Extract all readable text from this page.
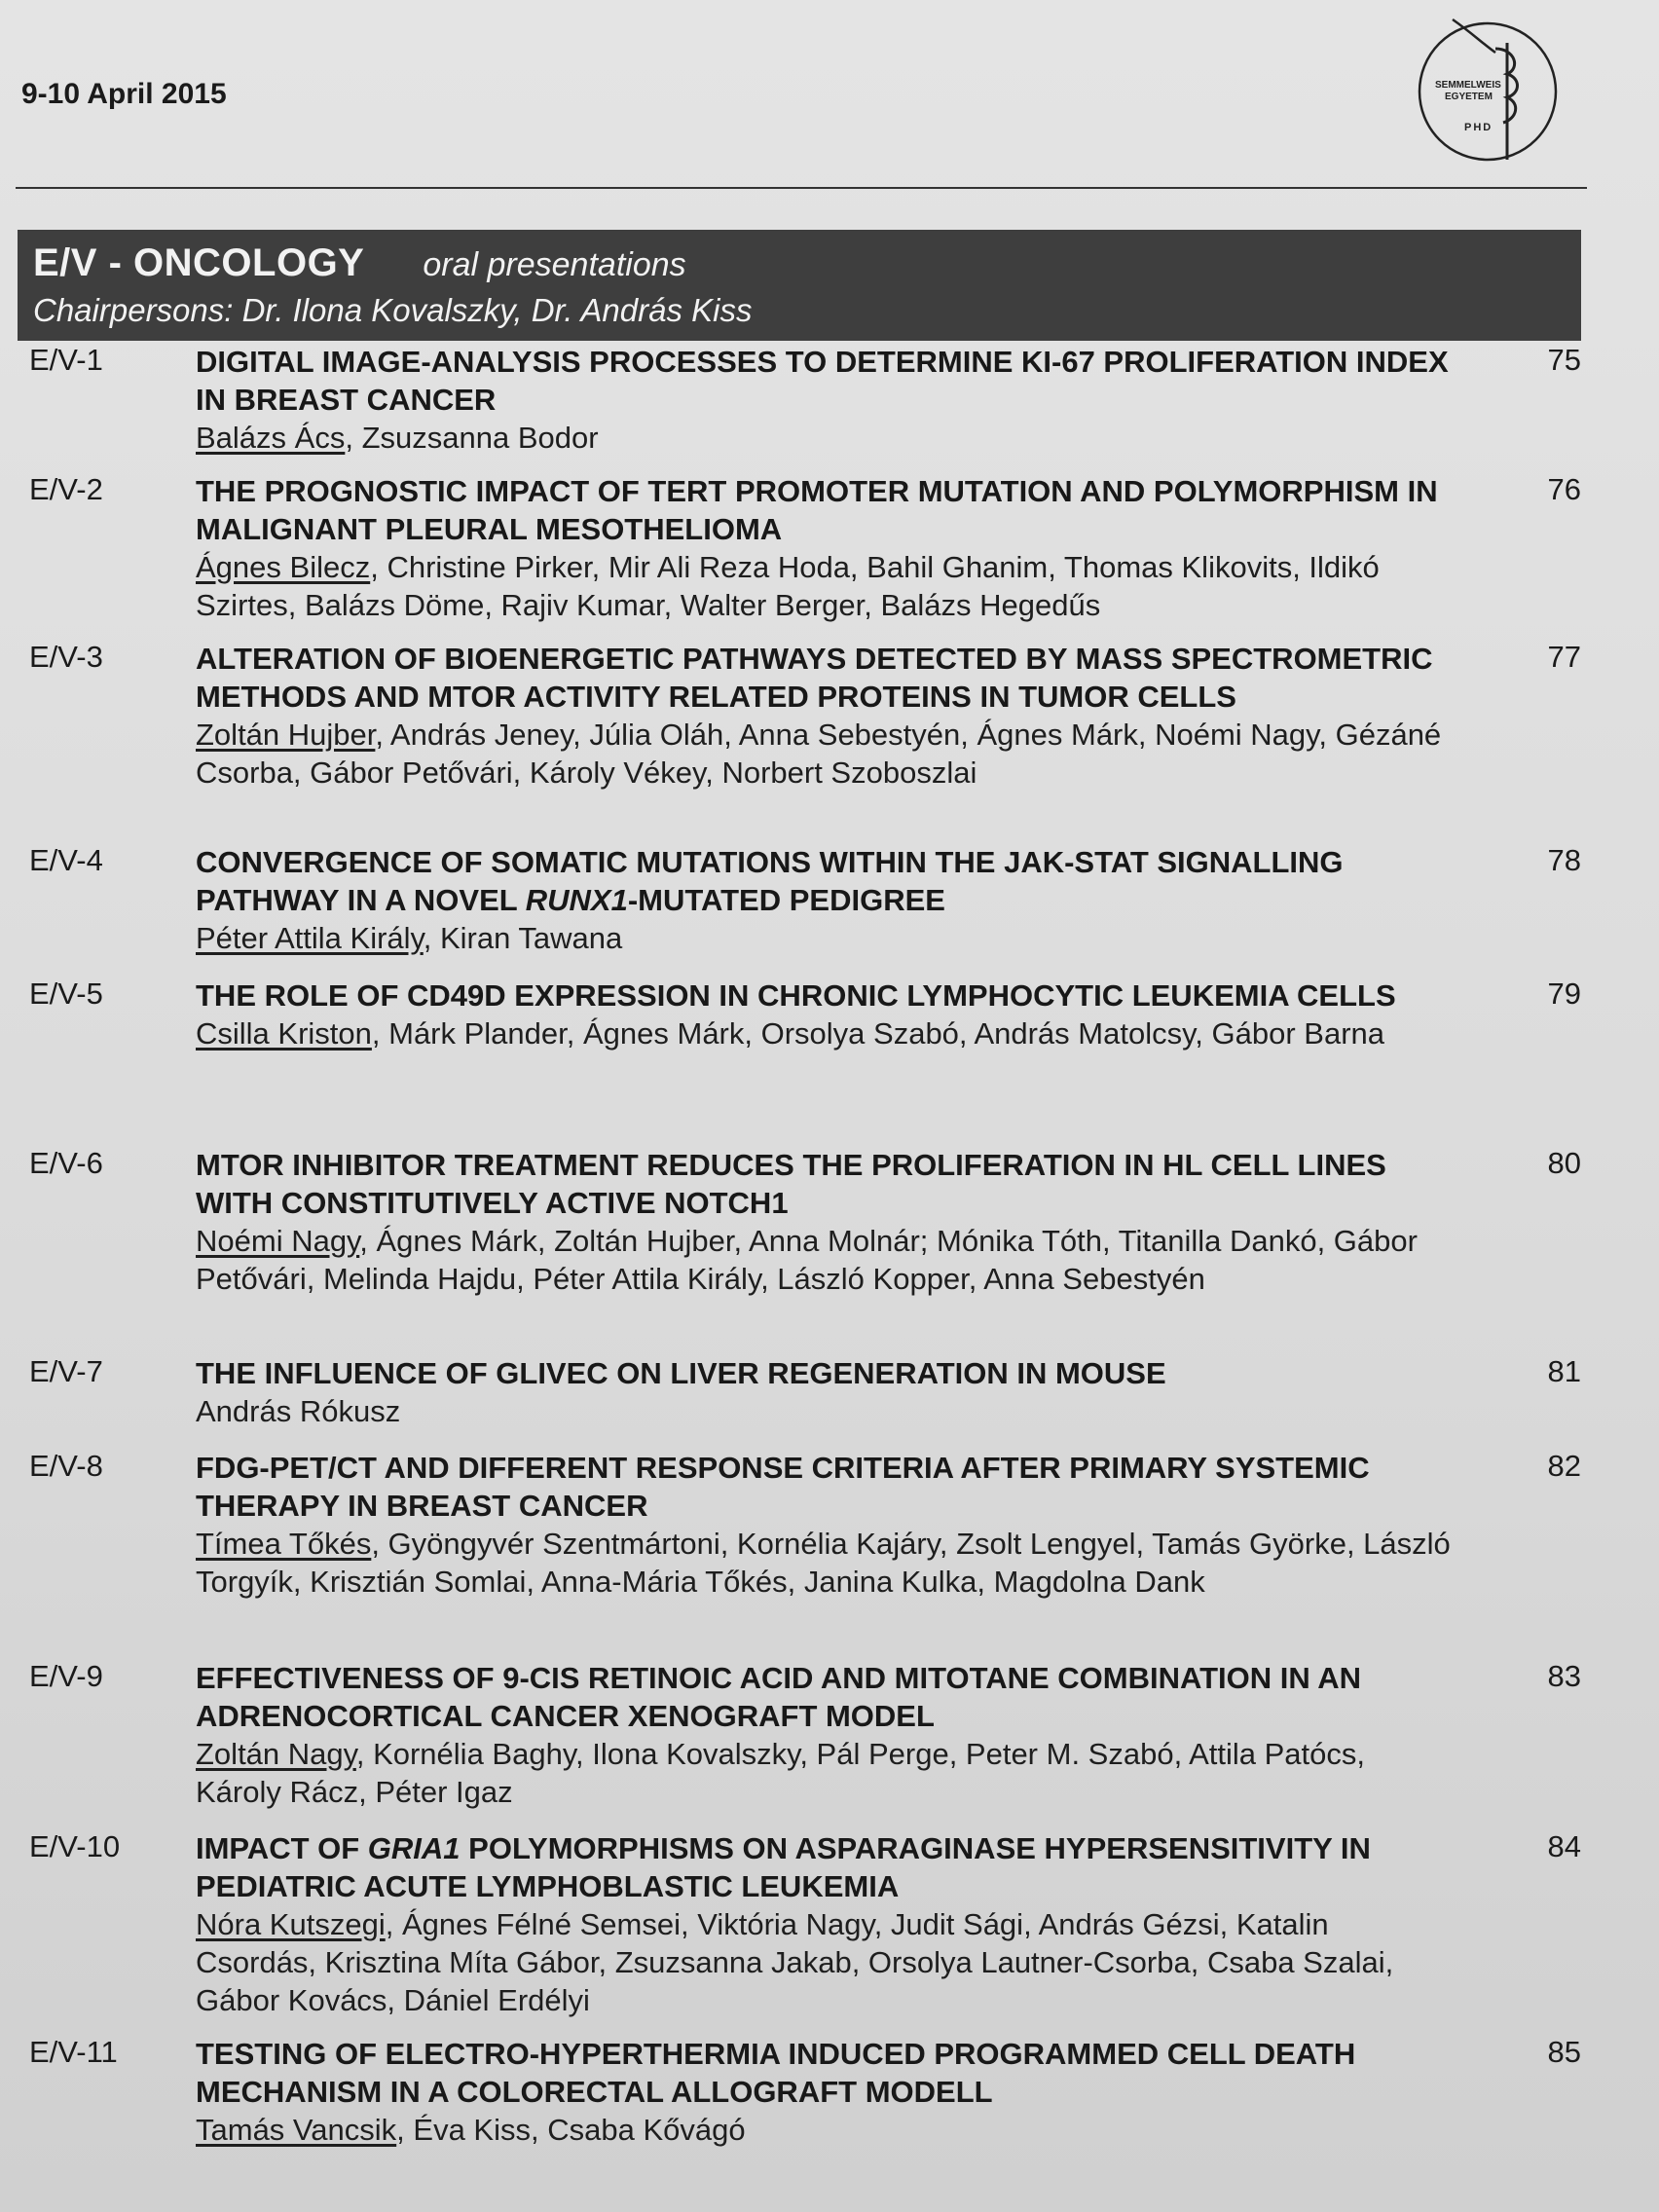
9-10 April 2015	SEMMELWEIS
EGYETEM
PHD
E/V - ONCOLOGY oral presentations
Chairpersons: Dr. Ilona Kovalszky, Dr. András Kiss
E/V-1	DIGITAL IMAGE-ANALYSIS PROCESSES TO DETERMINE KI-67 PROLIFERATION INDEX IN BREAST CANCER
Balázs Ács, Zsuzsanna Bodor
75
E/V-2	THE PROGNOSTIC IMPACT OF TERT PROMOTER MUTATION AND POLYMORPHISM IN MALIGNANT PLEURAL MESOTHELIOMA
Ágnes Bilecz, Christine Pirker, Mir Ali Reza Hoda, Bahil Ghanim, Thomas Klikovits, Ildikó Szirtes, Balázs Döme, Rajiv Kumar, Walter Berger, Balázs Hegedűs
76
E/V-3	ALTERATION OF BIOENERGETIC PATHWAYS DETECTED BY MASS SPECTROMETRIC METHODS AND MTOR ACTIVITY RELATED PROTEINS IN TUMOR CELLS
Zoltán Hujber, András Jeney, Júlia Oláh, Anna Sebestyén, Ágnes Márk, Noémi Nagy, Gézáné Csorba, Gábor Petővári, Károly Vékey, Norbert Szoboszlai
77
E/V-4	CONVERGENCE OF SOMATIC MUTATIONS WITHIN THE JAK-STAT SIGNALLING PATHWAY IN A NOVEL RUNX1-MUTATED PEDIGREE
Péter Attila Király, Kiran Tawana
78
E/V-5	THE ROLE OF CD49D EXPRESSION IN CHRONIC LYMPHOCYTIC LEUKEMIA CELLS
Csilla Kriston, Márk Plander, Ágnes Márk, Orsolya Szabó, András Matolcsy, Gábor Barna
79
E/V-6	MTOR INHIBITOR TREATMENT REDUCES THE PROLIFERATION IN HL CELL LINES WITH CONSTITUTIVELY ACTIVE NOTCH1
Noémi Nagy, Ágnes Márk, Zoltán Hujber, Anna Molnár; Mónika Tóth, Titanilla Dankó, Gábor Petővári, Melinda Hajdu, Péter Attila Király, László Kopper, Anna Sebestyén
80
E/V-7	THE INFLUENCE OF GLIVEC ON LIVER REGENERATION IN MOUSE
András Rókusz
81
E/V-8	FDG-PET/CT AND DIFFERENT RESPONSE CRITERIA AFTER PRIMARY SYSTEMIC THERAPY IN BREAST CANCER
Tímea Tőkés, Gyöngyvér Szentmártoni, Kornélia Kajáry, Zsolt Lengyel, Tamás Györke, László Torgyík, Krisztián Somlai, Anna-Mária Tőkés, Janina Kulka, Magdolna Dank
82
E/V-9	EFFECTIVENESS OF 9-CIS RETINOIC ACID AND MITOTANE COMBINATION IN AN ADRENOCORTICAL CANCER XENOGRAFT MODEL
Zoltán Nagy, Kornélia Baghy, Ilona Kovalszky, Pál Perge, Peter M. Szabó, Attila Patócs, Károly Rácz, Péter Igaz
83
E/V-10	IMPACT OF GRIA1 POLYMORPHISMS ON ASPARAGINASE HYPERSENSITIVITY IN PEDIATRIC ACUTE LYMPHOBLASTIC LEUKEMIA
Nóra Kutszegi, Ágnes Félné Semsei, Viktória Nagy, Judit Sági, András Gézsi, Katalin Csordás, Krisztina Míta Gábor, Zsuzsanna Jakab, Orsolya Lautner-Csorba, Csaba Szalai, Gábor Kovács, Dániel Erdélyi
84
E/V-11	TESTING OF ELECTRO-HYPERTHERMIA INDUCED PROGRAMMED CELL DEATH MECHANISM IN A COLORECTAL ALLOGRAFT MODELL
Tamás Vancsik, Éva Kiss, Csaba Kővágó
85
